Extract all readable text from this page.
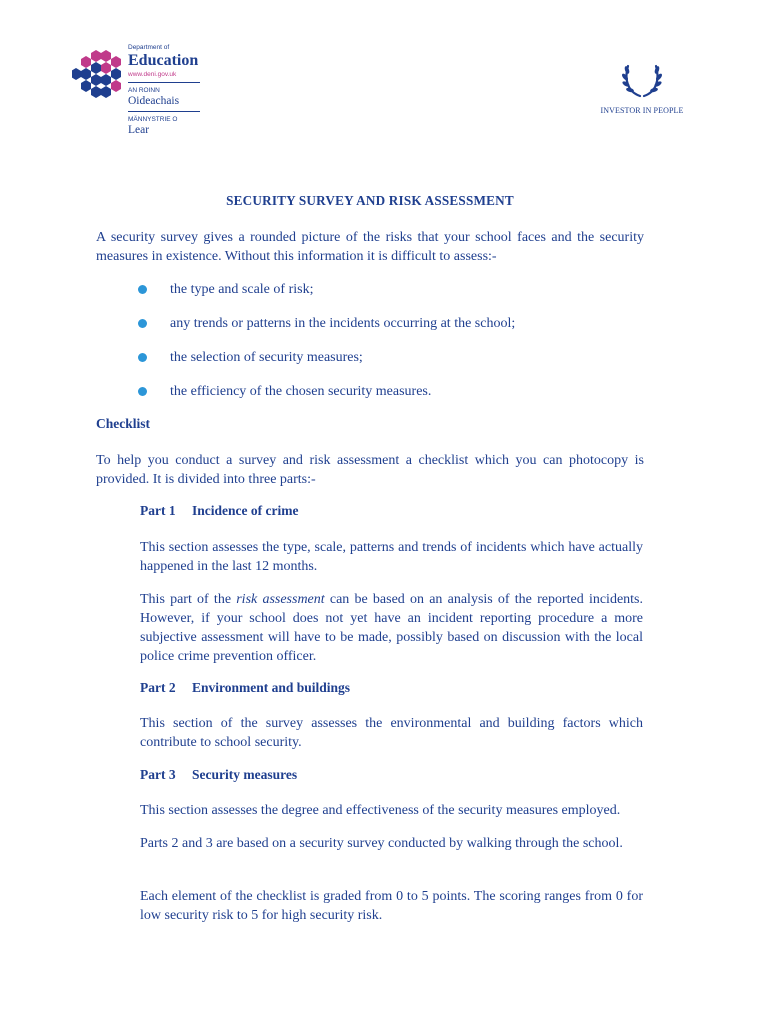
Department of
Education
www.deni.gov.uk
AN ROINN
Oideachais
MÄNNYSTRIE O
Lear
INVESTOR IN PEOPLE
SECURITY SURVEY AND RISK ASSESSMENT

A security survey gives a rounded picture of the risks that your school faces and the security measures in existence. Without this information it is difficult to assess:-

the type and scale of risk;
any trends or patterns in the incidents occurring at the school;
the selection of security measures;
the efficiency of the chosen security measures.
Checklist

To help you conduct a survey and risk assessment a checklist which you can photocopy is provided. It is divided into three parts:-

Part 1 Incidence of crime

This section assesses the type, scale, patterns and trends of incidents which have actually happened in the last 12 months.

This part of the risk assessment can be based on an analysis of the reported incidents. However, if your school does not yet have an incident reporting procedure a more subjective assessment will have to be made, possibly based on discussion with the local police crime prevention officer.

Part 2 Environment and buildings

This section of the survey assesses the environmental and building factors which contribute to school security.

Part 3 Security measures

This section assesses the degree and effectiveness of the security measures employed.

Parts 2 and 3 are based on a security survey conducted by walking through the school.

Each element of the checklist is graded from 0 to 5 points. The scoring ranges from 0 for low security risk to 5 for high security risk.
